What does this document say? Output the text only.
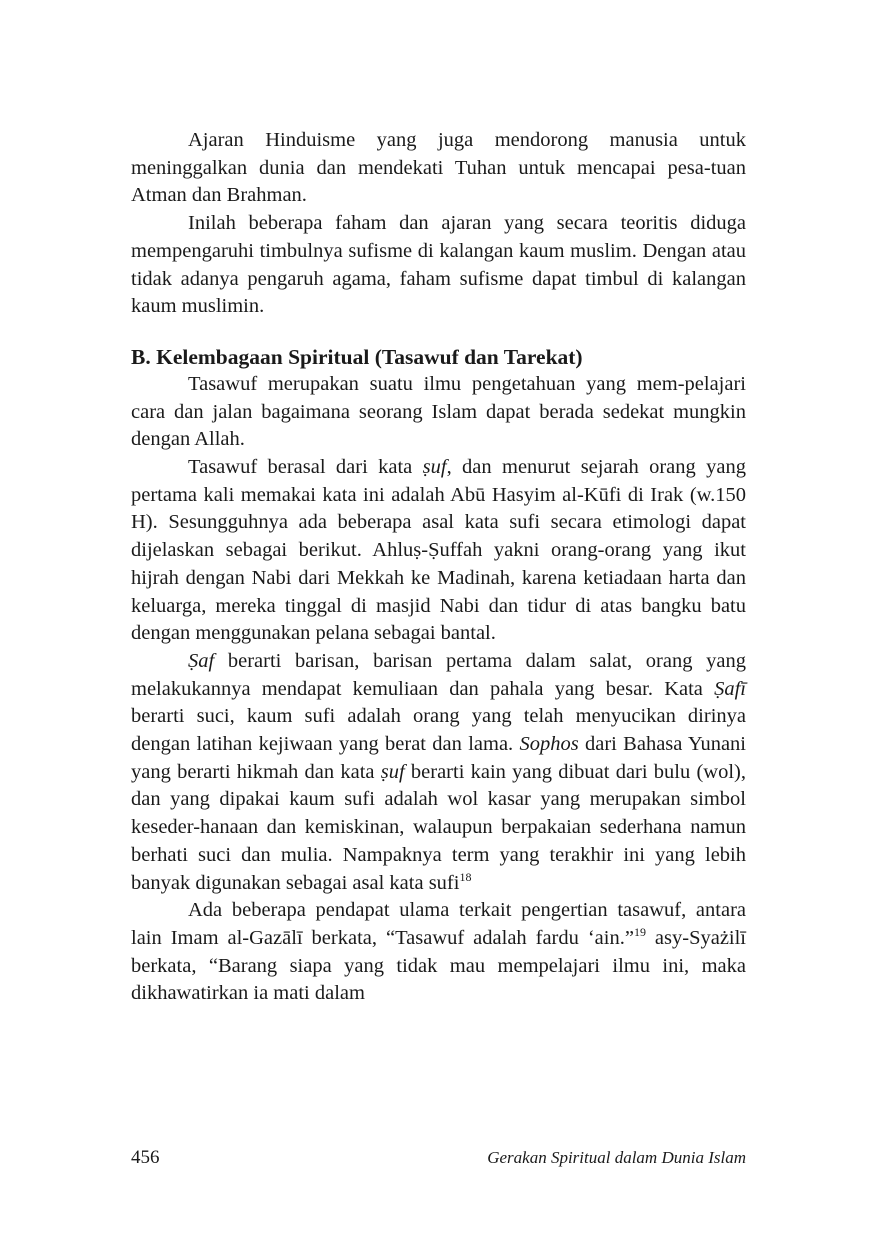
Ajaran Hinduisme yang juga mendorong manusia untuk meninggalkan dunia dan mendekati Tuhan untuk mencapai pesa-tuan Atman dan Brahman.

Inilah beberapa faham dan ajaran yang secara teoritis diduga mempengaruhi timbulnya sufisme di kalangan kaum muslim. Dengan atau tidak adanya pengaruh agama, faham sufisme dapat timbul di kalangan kaum muslimin.

B. Kelembagaan Spiritual (Tasawuf dan Tarekat)

Tasawuf merupakan suatu ilmu pengetahuan yang mem-pelajari cara dan jalan bagaimana seorang Islam dapat berada sedekat mungkin dengan Allah.

Tasawuf berasal dari kata ṣuf, dan menurut sejarah orang yang pertama kali memakai kata ini adalah Abū Hasyim al-Kūfi di Irak (w.150 H). Sesungguhnya ada beberapa asal kata sufi secara etimologi dapat dijelaskan sebagai berikut. Ahluṣ-Ṣuffah yakni orang-orang yang ikut hijrah dengan Nabi dari Mekkah ke Madinah, karena ketiadaan harta dan keluarga, mereka tinggal di masjid Nabi dan tidur di atas bangku batu dengan menggunakan pelana sebagai bantal.

Ṣaf berarti barisan, barisan pertama dalam salat, orang yang melakukannya mendapat kemuliaan dan pahala yang besar. Kata Ṣafī berarti suci, kaum sufi adalah orang yang telah menyucikan dirinya dengan latihan kejiwaan yang berat dan lama. Sophos dari Bahasa Yunani yang berarti hikmah dan kata ṣuf berarti kain yang dibuat dari bulu (wol), dan yang dipakai kaum sufi adalah wol kasar yang merupakan simbol keseder-hanaan dan kemiskinan, walaupun berpakaian sederhana namun berhati suci dan mulia. Nampaknya term yang terakhir ini yang lebih banyak digunakan sebagai asal kata sufi$^{18}$

Ada beberapa pendapat ulama terkait pengertian tasawuf, antara lain Imam al-Gazālī berkata, “Tasawuf adalah fardu ‘ain.”$^{19}$ asy-Syażilī berkata, “Barang siapa yang tidak mau mempelajari ilmu ini, maka dikhawatirkan ia mati dalam

456	Gerakan Spiritual dalam Dunia Islam
